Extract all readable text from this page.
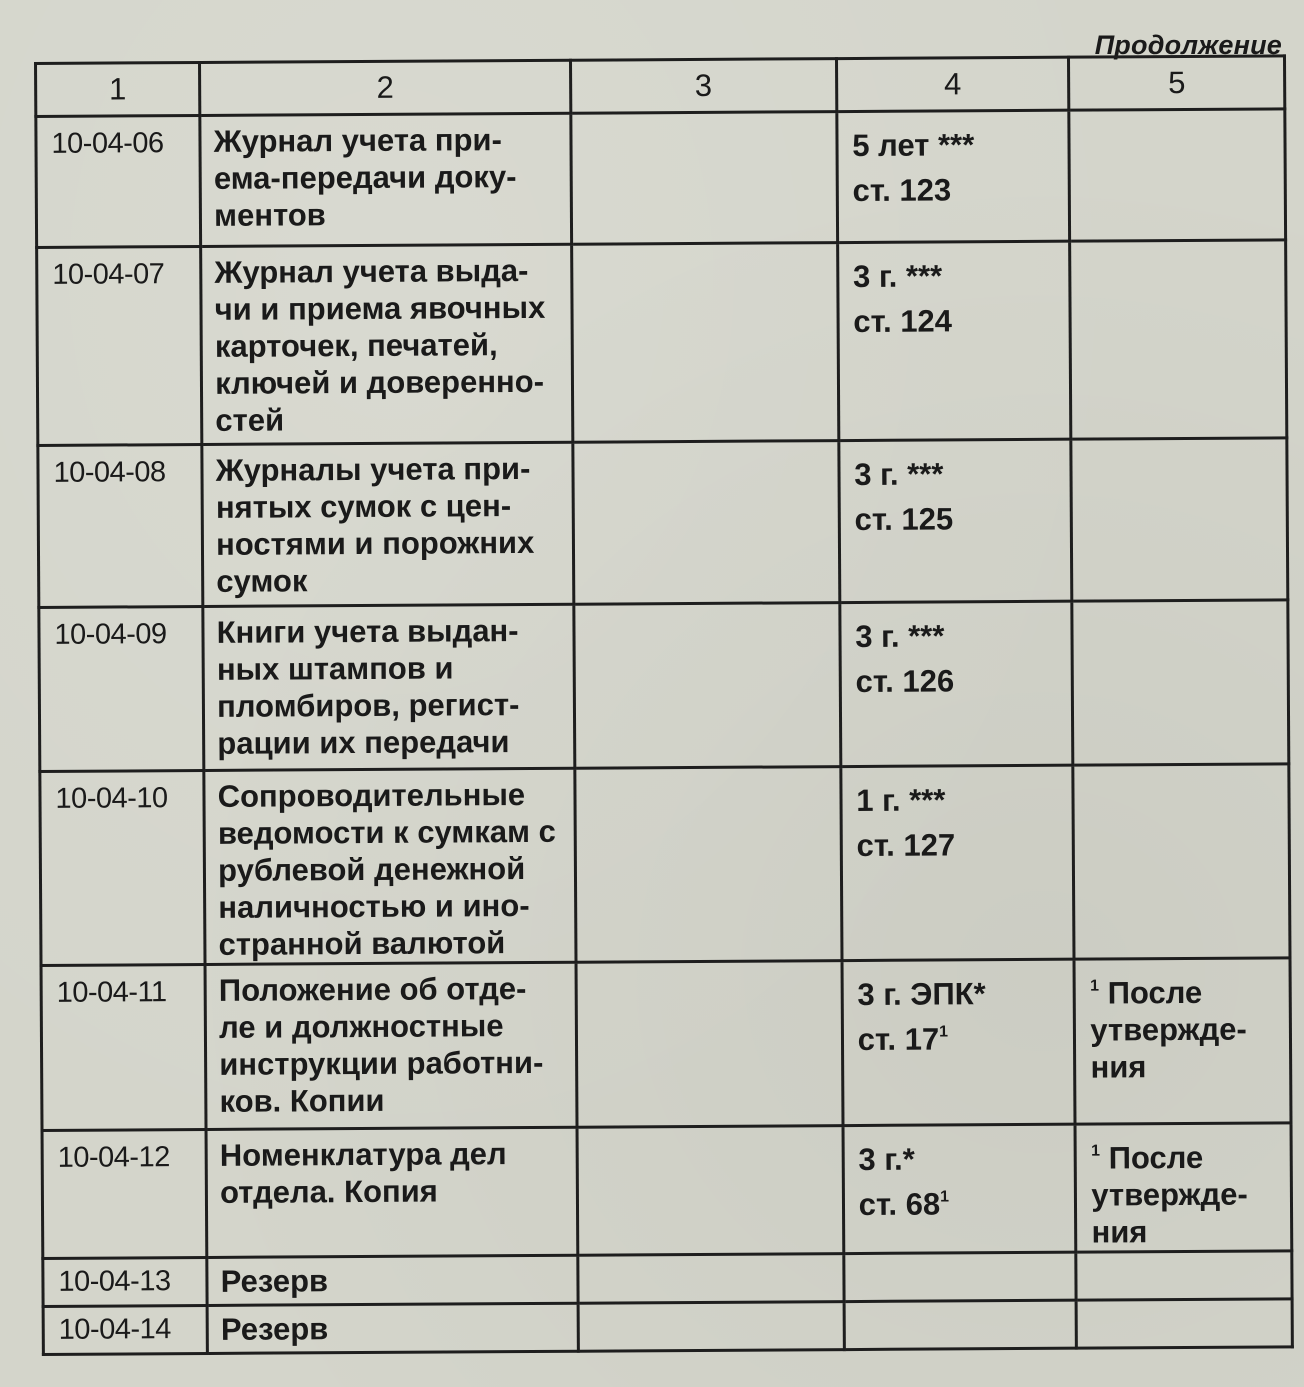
Продолжение
1	2	3	4	5
10-04-06	Журнал учета при-
ема-передачи доку-
ментов		5 лет ***
ст. 123	

10-04-07	Журнал учета выда-
чи и приема явочных
карточек, печатей,
ключей и доверенно-
стей		3 г. ***
ст. 124	

10-04-08	Журналы учета при-
нятых сумок с цен-
ностями и порожних
сумок		3 г. ***
ст. 125	

10-04-09	Книги учета выдан-
ных штампов и
пломбиров, регист-
рации их передачи		3 г. ***
ст. 126	

10-04-10	Сопроводительные
ведомости к сумкам с
рублевой денежной
наличностью и ино-
странной валютой		1 г. ***
ст. 127	

10-04-11	Положение об отде-
ле и должностные
инструкции работни-
ков. Копии		3 г. ЭПК*
ст. $17^1$	$^1$ После
утвержде-
ния

10-04-12	Номенклатура дел
отдела. Копия		3 г.*
ст. $68^1$	$^1$ После
утвержде-
ния

10-04-13	Резерв			

10-04-14	Резерв			
